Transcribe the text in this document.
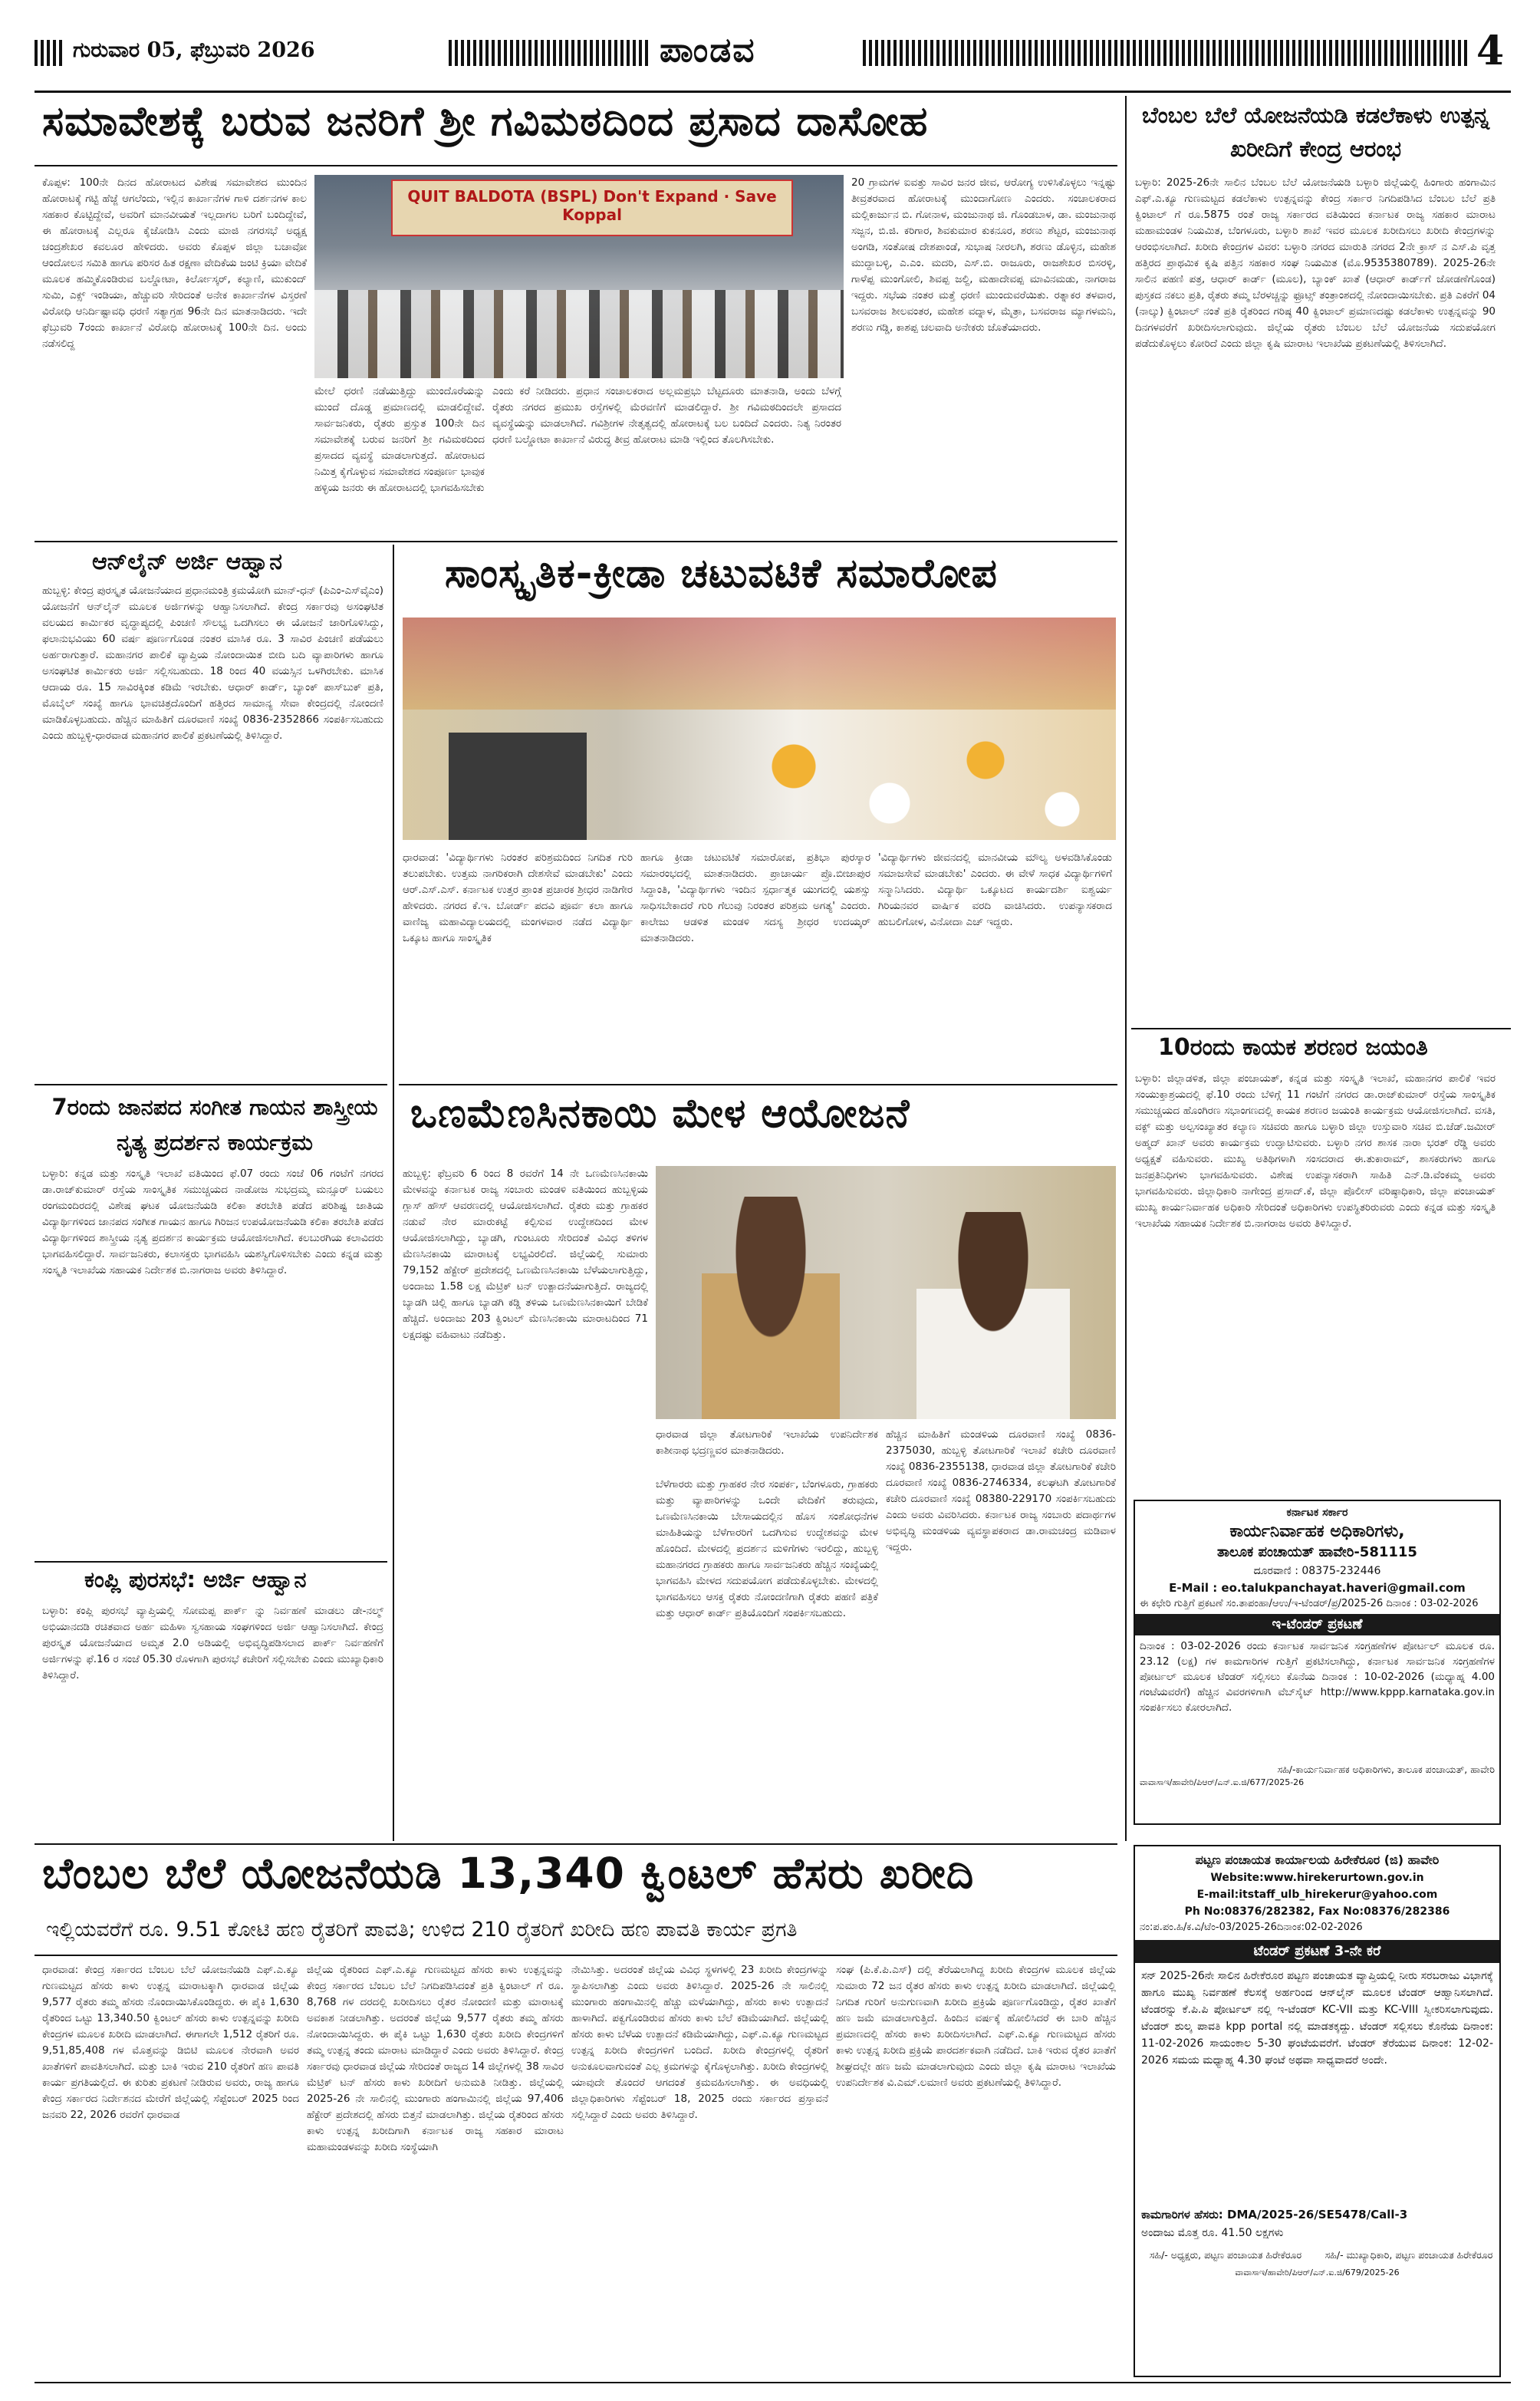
ಗುರುವಾರ 05, ಫೆಬ್ರುವರಿ 2026	ಪಾಂಡವ	4
ಸಮಾವೇಶಕ್ಕೆ ಬರುವ ಜನರಿಗೆ ಶ್ರೀ ಗವಿಮಠದಿಂದ ಪ್ರಸಾದ ದಾಸೋಹ
ಕೊಪ್ಪಳ: 100ನೇ ದಿನದ ಹೋರಾಟದ ವಿಶೇಷ ಸಮಾವೇಶದ ಮುಂದಿನ ಹೋರಾಟಕ್ಕೆ ಗಟ್ಟಿ ಹೆಜ್ಜೆ ಆಗಲೆಂದು, ಇಲ್ಲಿನ ಕಾರ್ಖಾನೆಗಳ ಗಾಳಿ ದರ್ಶನಗಳ ಕಾಲ ಸಹಕಾರ ಕೊಟ್ಟಿದ್ದೇವೆ, ಅವರಿಗೆ ಮಾನವೀಯತೆ ಇಲ್ಲದಾಗಲ ಬರಿಗೆ ಬಂದಿದ್ದೇವೆ, ಈ ಹೋರಾಟಕ್ಕೆ ಎಲ್ಲರೂ ಕೈಜೋಡಿಸಿ ಎಂದು ಮಾಜಿ ನಗರಸಭೆ ಅಧ್ಯಕ್ಷ ಚಂದ್ರಶೇಖರ ಕವಲೂರ ಹೇಳಿದರು. ಅವರು ಕೊಪ್ಪಳ ಜಿಲ್ಲಾ ಬಚಾವೋ ಆಂದೋಲನ ಸಮಿತಿ ಹಾಗೂ ಪರಿಸರ ಹಿತ ರಕ್ಷಣಾ ವೇದಿಕೆಯ ಜಂಟಿ ಕ್ರಿಯಾ ವೇದಿಕೆ ಮೂಲಕ ಹಮ್ಮಿಕೊಂಡಿರುವ ಬಲ್ಡೋಟಾ, ಕಿರ್ಲೋಸ್ಕರ್, ಕಲ್ಯಾಣಿ, ಮುಕುಂದ್ ಸುಮಿ, ಎಕ್ಸ್ ಇಂಡಿಯಾ, ಹೆಚ್ಚುವರಿ ಸೇರಿದಂತೆ ಅನೇಕ ಕಾರ್ಖಾನೆಗಳ ವಿಸ್ತರಣೆ ವಿರೋಧಿ ಆನಿರ್ದಿಷ್ಟಾವಧಿ ಧರಣಿ ಸತ್ಯಾಗ್ರಹ 96ನೇ ದಿನ ಮಾತನಾಡಿದರು. ಇದೇ ಫೆಬ್ರುವರಿ 7ರಂದು ಕಾರ್ಖಾನೆ ವಿರೋಧಿ ಹೋರಾಟಕ್ಕೆ 100ನೇ ದಿನ. ಅಂದು ನಡೆಸಲಿದ್ದ
QUIT BALDOTA (BSPL) Don't Expand · Save Koppal
ಮೇಲೆ ಧರಣಿ ನಡೆಯುತ್ತಿದ್ದು ಮುಂದೊರೆಯನ್ನು ಮುಂದೆ ದೊಡ್ಡ ಪ್ರಮಾಣದಲ್ಲಿ ಮಾಡಲಿದ್ದೇವೆ. ಸಾರ್ವಜನಿಕರು, ರೈತರು ಪ್ರಸ್ತುತ 100ನೇ ದಿನ ಸಮಾವೇಶಕ್ಕೆ ಬರುವ ಜನರಿಗೆ ಶ್ರೀ ಗವಿಮಠದಿಂದ ಪ್ರಸಾದದ ವ್ಯವಸ್ಥೆ ಮಾಡಲಾಗುತ್ತದೆ. ಹೋರಾಟದ ನಿಮಿತ್ತ ಕೈಗೊಳ್ಳುವ ಸಮಾವೇಶದ ಸಂಪೂರ್ಣ ಭಾವುಕ ಹಳ್ಳಿಯ ಜನರು ಈ ಹೋರಾಟದಲ್ಲಿ ಭಾಗವಹಿಸಬೇಕು
ಎಂದು ಕರೆ ನೀಡಿದರು. ಪ್ರಧಾನ ಸಂಚಾಲಕರಾದ ಅಲ್ಲಮಪ್ರಭು ಬೆಟ್ಟದೂರು ಮಾತನಾಡಿ, ಅಂದು ಬೆಳಗ್ಗೆ ರೈತರು ನಗರದ ಪ್ರಮುಖ ರಸ್ತೆಗಳಲ್ಲಿ ಮೆರವಣಿಗೆ ಮಾಡಲಿದ್ದಾರೆ. ಶ್ರೀ ಗವಿಮಠದಿಂದಲೇ ಪ್ರಸಾದದ ವ್ಯವಸ್ಥೆಯನ್ನು ಮಾಡಲಾಗಿದೆ. ಗವಿಶ್ರೀಗಳ ನೇತೃತ್ವದಲ್ಲಿ ಹೋರಾಟಕ್ಕೆ ಬಲ ಬಂದಿದೆ ಎಂದರು. ನಿತ್ಯ ನಿರಂತರ ಧರಣಿ ಬಲ್ಡೋಟಾ ಕಾರ್ಖಾನೆ ವಿರುದ್ಧ ತೀವ್ರ ಹೋರಾಟ ಮಾಡಿ ಇಲ್ಲಿಂದ ತೊಲಗಿಸಬೇಕು.
20 ಗ್ರಾಮಗಳ ಐವತ್ತು ಸಾವಿರ ಜನರ ಜೀವ, ಆರೋಗ್ಯ ಉಳಿಸಿಕೊಳ್ಳಲು ಇನ್ನಷ್ಟು ತೀವ್ರತರವಾದ ಹೋರಾಟಕ್ಕೆ ಮುಂದಾಗೋಣ ಎಂದರು. ಸಂಚಾಲಕರಾದ ಮಲ್ಲಿಕಾರ್ಜುನ ಬಿ. ಗೋನಾಳ, ಮಂಜುನಾಥ ಜಿ. ಗೊಂಡಬಾಳ, ಡಾ. ಮಂಜುನಾಥ ಸಜ್ಜನ, ಬಿ.ಜಿ. ಕರಿಗಾರ, ಶಿವಕುಮಾರ ಕುಕನೂರ, ಶರಣು ಶೆಟ್ಟರ, ಮಂಜುನಾಥ ಅಂಗಡಿ, ಸಂತೋಷ ದೇಶಪಾಂಡೆ, ಸುಭಾಷ ನೀರಲಗಿ, ಶರಣು ಡೊಳ್ಳಿನ, ಮಹೇಶ ಮುದ್ದಾಬಳ್ಳಿ, ಎ.ಎಂ. ಮದರಿ, ಎಸ್.ಬಿ. ರಾಜೂರು, ರಾಜಶೇಖರ ಬಿಸರಳ್ಳಿ, ಗಾಳೆಪ್ಪ ಮುಂಗೋಲಿ, ಶಿವಪ್ಪ ಜಲ್ದಿ, ಮಹಾದೇವಪ್ಪ ಮಾವಿನಮಡು, ನಾಗರಾಜ ಇದ್ದರು. ಸಭೆಯ ನಂತರ ಮತ್ತೆ ಧರಣಿ ಮುಂದುವರೆಯಿತು. ರತ್ನಾಕರ ತಳವಾರ, ಬಸವರಾಜ ಶೀಲವಂತರ, ಮಹೇಶ ವದ್ನಾಳ, ಮೈತ್ರಾ, ಬಸವರಾಜ ಮ್ಯಾಗಳಮನಿ, ಶರಣು ಗಡ್ಡಿ, ಕಾಶಪ್ಪ ಚಲವಾದಿ ಅನೇಕರು ಜೊತೆಯಾದರು.
ಆನ್‌ಲೈನ್ ಅರ್ಜಿ ಆಹ್ವಾನ
ಹುಬ್ಬಳ್ಳಿ: ಕೇಂದ್ರ ಪುರಸ್ಕೃತ ಯೋಜನೆಯಾದ ಪ್ರಧಾನಮಂತ್ರಿ ಕ್ರಮಯೋಗಿ ಮಾನ್-ಧನ್ (ಪಿಎಂ-ಎಸ್‌ವೈಎಂ) ಯೋಜನೆಗೆ ಆನ್‌ಲೈನ್ ಮೂಲಕ ಅರ್ಜಿಗಳನ್ನು ಆಹ್ವಾನಿಸಲಾಗಿದೆ. ಕೇಂದ್ರ ಸರ್ಕಾರವು ಅಸಂಘಟಿತ ವಲಯದ ಕಾರ್ಮಿಕರ ವೃದ್ಧಾಪ್ಯದಲ್ಲಿ ಪಿಂಚಣಿ ಸೌಲಭ್ಯ ಒದಗಿಸಲು ಈ ಯೋಜನೆ ಜಾರಿಗೊಳಿಸಿದ್ದು, ಫಲಾನುಭವಿಯು 60 ವರ್ಷ ಪೂರ್ಣಗೊಂಡ ನಂತರ ಮಾಸಿಕ ರೂ. 3 ಸಾವಿರ ಪಿಂಚಣಿ ಪಡೆಯಲು ಅರ್ಹರಾಗುತ್ತಾರೆ. ಮಹಾನಗರ ಪಾಲಿಕೆ ವ್ಯಾಪ್ತಿಯ ನೋಂದಾಯಿತ ಬೀದಿ ಬದಿ ವ್ಯಾಪಾರಿಗಳು ಹಾಗೂ ಅಸಂಘಟಿತ ಕಾರ್ಮಿಕರು ಅರ್ಜಿ ಸಲ್ಲಿಸಬಹುದು. 18 ರಿಂದ 40 ವಯಸ್ಸಿನ ಒಳಗಿರಬೇಕು. ಮಾಸಿಕ ಆದಾಯ ರೂ. 15 ಸಾವಿರಕ್ಕಿಂತ ಕಡಿಮೆ ಇರಬೇಕು. ಆಧಾರ್ ಕಾರ್ಡ್, ಬ್ಯಾಂಕ್ ಪಾಸ್‌ಬುಕ್ ಪ್ರತಿ, ಮೊಬೈಲ್ ಸಂಖ್ಯೆ ಹಾಗೂ ಭಾವಚಿತ್ರದೊಂದಿಗೆ ಹತ್ತಿರದ ಸಾಮಾನ್ಯ ಸೇವಾ ಕೇಂದ್ರದಲ್ಲಿ ನೋಂದಣಿ ಮಾಡಿಕೊಳ್ಳಬಹುದು. ಹೆಚ್ಚಿನ ಮಾಹಿತಿಗೆ ದೂರವಾಣಿ ಸಂಖ್ಯೆ 0836-2352866 ಸಂಪರ್ಕಿಸಬಹುದು ಎಂದು ಹುಬ್ಬಳ್ಳಿ-ಧಾರವಾಡ ಮಹಾನಗರ ಪಾಲಿಕೆ ಪ್ರಕಟಣೆಯಲ್ಲಿ ತಿಳಿಸಿದ್ದಾರೆ.
7ರಂದು ಜಾನಪದ ಸಂಗೀತ ಗಾಯನ ಶಾಸ್ತ್ರೀಯ ನೃತ್ಯ ಪ್ರದರ್ಶನ ಕಾರ್ಯಕ್ರಮ
ಬಳ್ಳಾರಿ: ಕನ್ನಡ ಮತ್ತು ಸಂಸ್ಕೃತಿ ಇಲಾಖೆ ವತಿಯಿಂದ ಫೆ.07 ರಂದು ಸಂಜೆ 06 ಗಂಟೆಗೆ ನಗರದ ಡಾ.ರಾಜ್‌ಕುಮಾರ್ ರಸ್ತೆಯ ಸಾಂಸ್ಕೃತಿಕ ಸಮುಚ್ಚಯದ ನಾಡೋಜ ಸುಭದ್ರಮ್ಮ ಮನ್ಸೂರ್ ಬಯಲು ರಂಗಮಂದಿರದಲ್ಲಿ ವಿಶೇಷ ಘಟಕ ಯೋಜನೆಯಡಿ ಕಲಿಕಾ ತರಬೇತಿ ಪಡೆದ ಪರಿಶಿಷ್ಟ ಜಾತಿಯ ವಿದ್ಯಾರ್ಥಿಗಳಿಂದ ಜಾನಪದ ಸಂಗೀತ ಗಾಯನ ಹಾಗೂ ಗಿರಿಜನ ಉಪಯೋಜನೆಯಡಿ ಕಲಿಕಾ ತರಬೇತಿ ಪಡೆದ ವಿದ್ಯಾರ್ಥಿಗಳಿಂದ ಶಾಸ್ತ್ರೀಯ ನೃತ್ಯ ಪ್ರದರ್ಶನ ಕಾರ್ಯಕ್ರಮ ಆಯೋಜಿಸಲಾಗಿದೆ. ಕಲಬುರಗಿಯ ಕಲಾವಿದರು ಭಾಗವಹಿಸಲಿದ್ದಾರೆ. ಸಾರ್ವಜನಿಕರು, ಕಲಾಸಕ್ತರು ಭಾಗವಹಿಸಿ ಯಶಸ್ವಿಗೊಳಿಸಬೇಕು ಎಂದು ಕನ್ನಡ ಮತ್ತು ಸಂಸ್ಕೃತಿ ಇಲಾಖೆಯ ಸಹಾಯಕ ನಿರ್ದೇಶಕ ಬಿ.ನಾಗರಾಜ ಅವರು ತಿಳಿಸಿದ್ದಾರೆ.
ಕಂಪ್ಲಿ ಪುರಸಭೆ: ಅರ್ಜಿ ಆಹ್ವಾನ
ಬಳ್ಳಾರಿ: ಕಂಪ್ಲಿ ಪುರಸಭೆ ವ್ಯಾಪ್ತಿಯಲ್ಲಿ ಸೋಮಪ್ಪ ಪಾರ್ಕ್ ನ್ನು ನಿರ್ವಹಣೆ ಮಾಡಲು ಡೇ-ನಲ್ಮ್ ಅಭಿಯಾನದಡಿ ರಚಿತವಾದ ಅರ್ಹ ಮಹಿಳಾ ಸ್ವಸಹಾಯ ಸಂಘಗಳಿಂದ ಅರ್ಜಿ ಆಹ್ವಾನಿಸಲಾಗಿದೆ. ಕೇಂದ್ರ ಪುರಸ್ಕೃತ ಯೋಜನೆಯಾದ ಅಮೃತ 2.0 ಅಡಿಯಲ್ಲಿ ಅಭಿವೃದ್ಧಿಪಡಿಸಲಾದ ಪಾರ್ಕ್ ನಿರ್ವಹಣೆಗೆ ಅರ್ಜಿಗಳನ್ನು ಫೆ.16 ರ ಸಂಜೆ 05.30 ರೊಳಗಾಗಿ ಪುರಸಭೆ ಕಚೇರಿಗೆ ಸಲ್ಲಿಸಬೇಕು ಎಂದು ಮುಖ್ಯಾಧಿಕಾರಿ ತಿಳಿಸಿದ್ದಾರೆ.
ಸಾಂಸ್ಕೃತಿಕ-ಕ್ರೀಡಾ ಚಟುವಟಿಕೆ ಸಮಾರೋಪ
ಧಾರವಾಡ: 'ವಿದ್ಯಾರ್ಥಿಗಳು ನಿರಂತರ ಪರಿಶ್ರಮದಿಂದ ನಿಗದಿತ ಗುರಿ ತಲುಪಬೇಕು. ಉತ್ತಮ ನಾಗರಿಕರಾಗಿ ದೇಶಸೇವೆ ಮಾಡಬೇಕು' ಎಂದು ಆರ್.ಎಸ್.ಎಸ್. ಕರ್ನಾಟಕ ಉತ್ತರ ಪ್ರಾಂತ ಪ್ರಚಾರಕ ಶ್ರೀಧರ ನಾಡಿಗೇರ ಹೇಳಿದರು. ನಗರದ ಕೆ.ಇ. ಬೋರ್ಡ್ ಪದವಿ ಪೂರ್ವ ಕಲಾ ಹಾಗೂ ವಾಣಿಜ್ಯ ಮಹಾವಿದ್ಯಾಲಯದಲ್ಲಿ ಮಂಗಳವಾರ ನಡೆದ ವಿದ್ಯಾರ್ಥಿ ಒಕ್ಕೂಟ ಹಾಗೂ ಸಾಂಸ್ಕೃತಿಕ
ಹಾಗೂ ಕ್ರೀಡಾ ಚಟುವಟಿಕೆ ಸಮಾರೋಪ, ಪ್ರತಿಭಾ ಪುರಸ್ಕಾರ ಸಮಾರಂಭದಲ್ಲಿ ಮಾತನಾಡಿದರು. ಪ್ರಾಚಾರ್ಯ ಪ್ರೊ.ಬೀಜಾಪುರ ಸಿದ್ದಾಂತಿ, 'ವಿದ್ಯಾರ್ಥಿಗಳು ಇಂದಿನ ಸ್ಪರ್ಧಾತ್ಮಕ ಯುಗದಲ್ಲಿ ಯಶಸ್ಸು ಸಾಧಿಸಬೇಕಾದರೆ ಗುರಿ ಗೆಲುವು ನಿರಂತರ ಪರಿಶ್ರಮ ಅಗತ್ಯ' ಎಂದರು. ಕಾಲೇಜು ಆಡಳಿತ ಮಂಡಳಿ ಸದಸ್ಯ ಶ್ರೀಧರ ಉದಯ್ಕರ್ ಮಾತನಾಡಿದರು.
'ವಿದ್ಯಾರ್ಥಿಗಳು ಜೀವನದಲ್ಲಿ ಮಾನವೀಯ ಮೌಲ್ಯ ಅಳವಡಿಸಿಕೊಂಡು ಸಮಾಜಸೇವೆ ಮಾಡಬೇಕು' ಎಂದರು. ಈ ವೇಳೆ ಸಾಧಕ ವಿದ್ಯಾರ್ಥಿಗಳಿಗೆ ಸನ್ಮಾನಿಸಿದರು. ವಿದ್ಯಾರ್ಥಿ ಒಕ್ಕೂಟದ ಕಾರ್ಯದರ್ಶಿ ಐಶ್ವರ್ಯ ಗಿರಿಯನವರ ವಾರ್ಷಿಕ ವರದಿ ವಾಚಿಸಿದರು. ಉಪನ್ಯಾಸಕರಾದ ಹುಬಲಿಗೋಳ, ವಿನೋದಾ ಎಚ್ ಇದ್ದರು.
ಒಣಮೆಣಸಿನಕಾಯಿ ಮೇಳ ಆಯೋಜನೆ
ಹುಬ್ಬಳ್ಳಿ: ಫೆಬ್ರವರಿ 6 ರಿಂದ 8 ರವರೆಗೆ 14 ನೇ ಒಣಮೆಣಸಿನಕಾಯಿ ಮೇಳವನ್ನು ಕರ್ನಾಟಕ ರಾಜ್ಯ ಸಂಬಾರು ಮಂಡಳಿ ವತಿಯಿಂದ ಹುಬ್ಬಳ್ಳಿಯ ಗ್ಲಾಸ್ ಹೌಸ್ ಆವರಣದಲ್ಲಿ ಆಯೋಜಿಸಲಾಗಿದೆ. ರೈತರು ಮತ್ತು ಗ್ರಾಹಕರ ನಡುವೆ ನೇರ ಮಾರುಕಟ್ಟೆ ಕಲ್ಪಿಸುವ ಉದ್ದೇಶದಿಂದ ಮೇಳ ಆಯೋಜಿಸಲಾಗಿದ್ದು, ಬ್ಯಾಡಗಿ, ಗುಂಟೂರು ಸೇರಿದಂತೆ ವಿವಿಧ ತಳಿಗಳ ಮೆಣಸಿನಕಾಯಿ ಮಾರಾಟಕ್ಕೆ ಲಭ್ಯವಿರಲಿದೆ. ಜಿಲ್ಲೆಯಲ್ಲಿ ಸುಮಾರು 79,152 ಹೆಕ್ಟೇರ್ ಪ್ರದೇಶದಲ್ಲಿ ಒಣಮೆಣಸಿನಕಾಯಿ ಬೆಳೆಯಲಾಗುತ್ತಿದ್ದು, ಅಂದಾಜು 1.58 ಲಕ್ಷ ಮೆಟ್ರಿಕ್ ಟನ್ ಉತ್ಪಾದನೆಯಾಗುತ್ತಿದೆ. ರಾಜ್ಯದಲ್ಲಿ ಬ್ಯಾಡಗಿ ಚಿಲ್ಲಿ ಹಾಗೂ ಬ್ಯಾಡಗಿ ಕಡ್ಡಿ ತಳಿಯ ಒಣಮೆಣಸಿನಕಾಯಿಗೆ ಬೇಡಿಕೆ ಹೆಚ್ಚಿದೆ. ಅಂದಾಜು 203 ಕ್ವಿಂಟಲ್ ಮೆಣಸಿನಕಾಯಿ ಮಾರಾಟದಿಂದ 71 ಲಕ್ಷದಷ್ಟು ವಹಿವಾಟು ನಡೆದಿತ್ತು.
ಧಾರವಾಡ ಜಿಲ್ಲಾ ತೋಟಗಾರಿಕೆ ಇಲಾಖೆಯ ಉಪನಿರ್ದೇಶಕ ಕಾಶೀನಾಥ ಭದ್ರಣ್ಣವರ ಮಾತನಾಡಿದರು.
ಬೆಳೆಗಾರರು ಮತ್ತು ಗ್ರಾಹಕರ ನೇರ ಸಂಪರ್ಕ, ಬೆಂಗಳೂರು, ಗ್ರಾಹಕರು ಮತ್ತು ವ್ಯಾಪಾರಿಗಳನ್ನು ಒಂದೇ ವೇದಿಕೆಗೆ ತರುವುದು, ಒಣಮೆಣಸಿನಕಾಯಿ ಬೇಸಾಯದಲ್ಲಿನ ಹೊಸ ಸಂಶೋಧನೆಗಳ ಮಾಹಿತಿಯನ್ನು ಬೆಳೆಗಾರರಿಗೆ ಒದಗಿಸುವ ಉದ್ದೇಶವನ್ನು ಮೇಳ ಹೊಂದಿದೆ. ಮೇಳದಲ್ಲಿ ಪ್ರದರ್ಶನ ಮಳಿಗೆಗಳು ಇರಲಿದ್ದು, ಹುಬ್ಬಳ್ಳಿ ಮಹಾನಗರದ ಗ್ರಾಹಕರು ಹಾಗೂ ಸಾರ್ವಜನಿಕರು ಹೆಚ್ಚಿನ ಸಂಖ್ಯೆಯಲ್ಲಿ ಭಾಗವಹಿಸಿ ಮೇಳದ ಸದುಪಯೋಗ ಪಡೆದುಕೊಳ್ಳಬೇಕು. ಮೇಳದಲ್ಲಿ ಭಾಗವಹಿಸಲು ಆಸಕ್ತ ರೈತರು ನೋಂದಣಿಗಾಗಿ ರೈತರು ಪಹಣಿ ಪತ್ರಿಕೆ ಮತ್ತು ಆಧಾರ್ ಕಾರ್ಡ್ ಪ್ರತಿಯೊಂದಿಗೆ ಸಂಪರ್ಕಿಸಬಹುದು.
ಹೆಚ್ಚಿನ ಮಾಹಿತಿಗೆ ಮಂಡಳಿಯ ದೂರವಾಣಿ ಸಂಖ್ಯೆ 0836-2375030, ಹುಬ್ಬಳ್ಳಿ ತೋಟಗಾರಿಕೆ ಇಲಾಖೆ ಕಚೇರಿ ದೂರವಾಣಿ ಸಂಖ್ಯೆ 0836-2355138, ಧಾರವಾಡ ಜಿಲ್ಲಾ ತೋಟಗಾರಿಕೆ ಕಚೇರಿ ದೂರವಾಣಿ ಸಂಖ್ಯೆ 0836-2746334, ಕಲಘಟಗಿ ತೋಟಗಾರಿಕೆ ಕಚೇರಿ ದೂರವಾಣಿ ಸಂಖ್ಯೆ 08380-229170 ಸಂಪರ್ಕಿಸಬಹುದು ಎಂದು ಅವರು ವಿವರಿಸಿದರು. ಕರ್ನಾಟಕ ರಾಜ್ಯ ಸಂಬಾರು ಪದಾರ್ಥಗಳ ಅಭಿವೃದ್ಧಿ ಮಂಡಳಿಯ ವ್ಯವಸ್ಥಾಪಕರಾದ ಡಾ.ರಾಮಚಂದ್ರ ಮಡಿವಾಳ ಇದ್ದರು.
ಬೆಂಬಲ ಬೆಲೆ ಯೋಜನೆಯಡಿ ಕಡಲೆಕಾಳು ಉತ್ಪನ್ನ ಖರೀದಿಗೆ ಕೇಂದ್ರ ಆರಂಭ
ಬಳ್ಳಾರಿ: 2025-26ನೇ ಸಾಲಿನ ಬೆಂಬಲ ಬೆಲೆ ಯೋಜನೆಯಡಿ ಬಳ್ಳಾರಿ ಜಿಲ್ಲೆಯಲ್ಲಿ ಹಿಂಗಾರು ಹಂಗಾಮಿನ ಎಫ್.ಎ.ಕ್ಯೂ ಗುಣಮಟ್ಟದ ಕಡಲೆಕಾಳು ಉತ್ಪನ್ನವನ್ನು ಕೇಂದ್ರ ಸರ್ಕಾರ ನಿಗದಿಪಡಿಸಿದ ಬೆಂಬಲ ಬೆಲೆ ಪ್ರತಿ ಕ್ವಿಂಟಾಲ್ ಗೆ ರೂ.5875 ರಂತೆ ರಾಜ್ಯ ಸರ್ಕಾರದ ವತಿಯಿಂದ ಕರ್ನಾಟಕ ರಾಜ್ಯ ಸಹಕಾರ ಮಾರಾಟ ಮಹಾಮಂಡಳ ನಿಯಮಿತ, ಬೆಂಗಳೂರು, ಬಳ್ಳಾರಿ ಶಾಖೆ ಇವರ ಮೂಲಕ ಖರೀದಿಸಲು ಖರೀದಿ ಕೇಂದ್ರಗಳನ್ನು ಆರಂಭಿಸಲಾಗಿದೆ. ಖರೀದಿ ಕೇಂದ್ರಗಳ ವಿವರ: ಬಳ್ಳಾರಿ ನಗರದ ಮಾರುತಿ ನಗರದ 2ನೇ ಕ್ರಾಸ್ ನ ಎಸ್.ಪಿ ವೃತ್ತ ಹತ್ತಿರದ ಪ್ರಾಥಮಿಕ ಕೃಷಿ ಪತ್ತಿನ ಸಹಕಾರ ಸಂಘ ನಿಯಮಿತ (ಮೊ.9535380789). 2025-26ನೇ ಸಾಲಿನ ಪಹಣಿ ಪತ್ರ, ಆಧಾರ್ ಕಾರ್ಡ್ (ಮೂಲ), ಬ್ಯಾಂಕ್ ಖಾತೆ (ಆಧಾರ್ ಕಾರ್ಡ್‌ಗೆ ಜೋಡಣೆಗೊಂಡ) ಪುಸ್ತಕದ ನಕಲು ಪ್ರತಿ, ರೈತರು ತಮ್ಮ ಬೆರಳಚ್ಚನ್ನು ಫ್ರೂಟ್ಸ್ ತಂತ್ರಾಂಶದಲ್ಲಿ ನೋಂದಾಯಿಸಬೇಕು. ಪ್ರತಿ ಎಕರೆಗೆ 04 (ನಾಲ್ಕು) ಕ್ವಿಂಟಾಲ್ ನಂತೆ ಪ್ರತಿ ರೈತರಿಂದ ಗರಿಷ್ಠ 40 ಕ್ವಿಂಟಾಲ್ ಪ್ರಮಾಣದಷ್ಟು ಕಡಲೆಕಾಳು ಉತ್ಪನ್ನವನ್ನು 90 ದಿನಗಳವರೆಗೆ ಖರೀದಿಸಲಾಗುವುದು. ಜಿಲ್ಲೆಯ ರೈತರು ಬೆಂಬಲ ಬೆಲೆ ಯೋಜನೆಯ ಸದುಪಯೋಗ ಪಡೆದುಕೊಳ್ಳಲು ಕೋರಿದೆ ಎಂದು ಜಿಲ್ಲಾ ಕೃಷಿ ಮಾರಾಟ ಇಲಾಖೆಯ ಪ್ರಕಟಣೆಯಲ್ಲಿ ತಿಳಿಸಲಾಗಿದೆ.
10ರಂದು ಕಾಯಕ ಶರಣರ ಜಯಂತಿ
ಬಳ್ಳಾರಿ: ಜಿಲ್ಲಾಡಳಿತ, ಜಿಲ್ಲಾ ಪಂಚಾಯತ್, ಕನ್ನಡ ಮತ್ತು ಸಂಸ್ಕೃತಿ ಇಲಾಖೆ, ಮಹಾನಗರ ಪಾಲಿಕೆ ಇವರ ಸಂಯುಕ್ತಾಶ್ರಯದಲ್ಲಿ ಫೆ.10 ರಂದು ಬೆಳಿಗ್ಗೆ 11 ಗಂಟೆಗೆ ನಗರದ ಡಾ.ರಾಜ್‌ಕುಮಾರ್ ರಸ್ತೆಯ ಸಾಂಸ್ಕೃತಿಕ ಸಮುಚ್ಚಯದ ಹೊಂಗಿರಣ ಸಭಾಂಗಣದಲ್ಲಿ ಕಾಯಕ ಶರಣರ ಜಯಂತಿ ಕಾರ್ಯಕ್ರಮ ಆಯೋಜಿಸಲಾಗಿದೆ. ವಸತಿ, ವಕ್ಫ್ ಮತ್ತು ಅಲ್ಪಸಂಖ್ಯಾತರ ಕಲ್ಯಾಣ ಸಚಿವರು ಹಾಗೂ ಬಳ್ಳಾರಿ ಜಿಲ್ಲಾ ಉಸ್ತುವಾರಿ ಸಚಿವ ಬಿ.ಜೆಡ್.ಜಮೀರ್ ಅಹ್ಮದ್ ಖಾನ್ ಅವರು ಕಾರ್ಯಕ್ರಮ ಉದ್ಘಾಟಿಸುವರು. ಬಳ್ಳಾರಿ ನಗರ ಶಾಸಕ ನಾರಾ ಭರತ್ ರೆಡ್ಡಿ ಅವರು ಅಧ್ಯಕ್ಷತೆ ವಹಿಸುವರು. ಮುಖ್ಯ ಅತಿಥಿಗಳಾಗಿ ಸಂಸದರಾದ ಈ.ತುಕಾರಾಮ್, ಶಾಸಕರುಗಳು ಹಾಗೂ ಜನಪ್ರತಿನಿಧಿಗಳು ಭಾಗವಹಿಸುವರು. ವಿಶೇಷ ಉಪನ್ಯಾಸಕರಾಗಿ ಸಾಹಿತಿ ಎನ್.ಡಿ.ವೆಂಕಮ್ಮ ಅವರು ಭಾಗವಹಿಸುವರು. ಜಿಲ್ಲಾಧಿಕಾರಿ ನಾಗೇಂದ್ರ ಪ್ರಸಾದ್.ಕೆ, ಜಿಲ್ಲಾ ಪೊಲೀಸ್ ವರಿಷ್ಠಾಧಿಕಾರಿ, ಜಿಲ್ಲಾ ಪಂಚಾಯತ್ ಮುಖ್ಯ ಕಾರ್ಯನಿರ್ವಾಹಕ ಅಧಿಕಾರಿ ಸೇರಿದಂತೆ ಅಧಿಕಾರಿಗಳು ಉಪಸ್ಥಿತರಿರುವರು ಎಂದು ಕನ್ನಡ ಮತ್ತು ಸಂಸ್ಕೃತಿ ಇಲಾಖೆಯ ಸಹಾಯಕ ನಿರ್ದೇಶಕ ಬಿ.ನಾಗರಾಜ ಅವರು ತಿಳಿಸಿದ್ದಾರೆ.
ಕರ್ನಾಟಕ ಸರ್ಕಾರ
ಕಾರ್ಯನಿರ್ವಾಹಕ ಅಧಿಕಾರಿಗಳು,
ತಾಲೂಕ ಪಂಚಾಯತ್ ಹಾವೇರಿ-581115
ದೂರವಾಣಿ : 08375-232446
E-Mail : eo.talukpanchayat.haveri@gmail.com
ಈ ಕಛೇರಿ ಗುತ್ತಿಗೆ ಪ್ರಕಟಣೆ ಸಂ.ತಾಪಂಹಾ/ಆಉ/ಇ-ಟೆಂಡರ್/ಪ್ರ/2025-26 ದಿನಾಂಕ : 03-02-2026
ಇ-ಟೆಂಡರ್ ಪ್ರಕಟಣೆ
ದಿನಾಂಕ : 03-02-2026 ರಂದು ಕರ್ನಾಟಕ ಸಾರ್ವಜನಿಕ ಸಂಗ್ರಹಣೆಗಳ ಪೋರ್ಟಲ್ ಮೂಲಕ ರೂ. 23.12 (ಲಕ್ಷ) ಗಳ ಕಾಮಗಾರಿಗಳ ಗುತ್ತಿಗೆ ಪ್ರಕಟಿಸಲಾಗಿದ್ದು, ಕರ್ನಾಟಕ ಸಾರ್ವಜನಿಕ ಸಂಗ್ರಹಣೆಗಳ ಪೋರ್ಟಲ್ ಮೂಲಕ ಟೆಂಡರ್ ಸಲ್ಲಿಸಲು ಕೊನೆಯ ದಿನಾಂಕ : 10-02-2026 (ಮಧ್ಯಾಹ್ನ 4.00 ಗಂಟೆಯವರೆಗೆ) ಹೆಚ್ಚಿನ ವಿವರಗಳಿಗಾಗಿ ವೆಬ್‌ಸೈಟ್ http://www.kppp.karnataka.gov.in ಸಂಪರ್ಕಿಸಲು ಕೋರಲಾಗಿದೆ.
ಸಹಿ/-ಕಾರ್ಯನಿರ್ವಾಹಕ ಅಧಿಕಾರಿಗಳು, ತಾಲೂಕ ಪಂಚಾಯತ್, ಹಾವೇರಿ
ವಾವಾಸಾಇ/ಹಾವೇರಿ/ಪಿಆರ್/ಎನ್.ಐ.ಜಿ/677/2025-26
ಬೆಂಬಲ ಬೆಲೆ ಯೋಜನೆಯಡಿ 13,340 ಕ್ವಿಂಟಲ್ ಹೆಸರು ಖರೀದಿ
ಇಲ್ಲಿಯವರೆಗೆ ರೂ. 9.51 ಕೋಟಿ ಹಣ ರೈತರಿಗೆ ಪಾವತಿ; ಉಳಿದ 210 ರೈತರಿಗೆ ಖರೀದಿ ಹಣ ಪಾವತಿ ಕಾರ್ಯ ಪ್ರಗತಿ
ಧಾರವಾಡ: ಕೇಂದ್ರ ಸರ್ಕಾರದ ಬೆಂಬಲ ಬೆಲೆ ಯೋಜನೆಯಡಿ ಎಫ್.ಎ.ಕ್ಯೂ ಗುಣಮಟ್ಟದ ಹೆಸರು ಕಾಳು ಉತ್ಪನ್ನ ಮಾರಾಟಕ್ಕಾಗಿ ಧಾರವಾಡ ಜಿಲ್ಲೆಯ 9,577 ರೈತರು ತಮ್ಮ ಹೆಸರು ನೊಂದಾಯಿಸಿಕೊಂಡಿದ್ದರು. ಈ ಪೈಕಿ 1,630 ರೈತರಿಂದ ಒಟ್ಟು 13,340.50 ಕ್ವಿಂಟಲ್ ಹೆಸರು ಕಾಳು ಉತ್ಪನ್ನವನ್ನು ಖರೀದಿ ಕೇಂದ್ರಗಳ ಮೂಲಕ ಖರೀದಿ ಮಾಡಲಾಗಿದೆ. ಈಗಾಗಲೇ 1,512 ರೈತರಿಗೆ ರೂ. 9,51,85,408 ಗಳ ಮೊತ್ತವನ್ನು ಡಿಬಿಟಿ ಮೂಲಕ ನೇರವಾಗಿ ಅವರ ಖಾತೆಗಳಿಗೆ ಪಾವತಿಸಲಾಗಿದೆ. ಮತ್ತು ಬಾಕಿ ಇರುವ 210 ರೈತರಿಗೆ ಹಣ ಪಾವತಿ ಕಾರ್ಯ ಪ್ರಗತಿಯಲ್ಲಿದೆ. ಈ ಕುರಿತು ಪ್ರಕಟಣೆ ನೀಡಿರುವ ಅವರು, ರಾಜ್ಯ ಹಾಗೂ ಕೇಂದ್ರ ಸರ್ಕಾರದ ನಿರ್ದೇಶನದ ಮೇರೆಗೆ ಜಿಲ್ಲೆಯಲ್ಲಿ ಸೆಪ್ಟೆಂಬರ್ 2025 ರಿಂದ ಜನವರಿ 22, 2026 ರವರೆಗೆ ಧಾರವಾಡ
ಜಿಲ್ಲೆಯ ರೈತರಿಂದ ಎಫ್.ಎ.ಕ್ಯೂ ಗುಣಮಟ್ಟದ ಹೆಸರು ಕಾಳು ಉತ್ಪನ್ನವನ್ನು ಕೇಂದ್ರ ಸರ್ಕಾರದ ಬೆಂಬಲ ಬೆಲೆ ನಿಗದಿಪಡಿಸಿದಂತೆ ಪ್ರತಿ ಕ್ವಿಂಟಾಲ್ ಗೆ ರೂ. 8,768 ಗಳ ದರದಲ್ಲಿ ಖರೀದಿಸಲು ರೈತರ ನೋಂದಣಿ ಮತ್ತು ಮಾರಾಟಕ್ಕೆ ಅವಕಾಶ ನೀಡಲಾಗಿತ್ತು. ಅದರಂತೆ ಜಿಲ್ಲೆಯ 9,577 ರೈತರು ತಮ್ಮ ಹೆಸರು ನೋಂದಾಯಿಸಿದ್ದರು. ಈ ಪೈಕಿ ಒಟ್ಟು 1,630 ರೈತರು ಖರೀದಿ ಕೇಂದ್ರಗಳಿಗೆ ತಮ್ಮ ಉತ್ಪನ್ನ ತಂದು ಮಾರಾಟ ಮಾಡಿದ್ದಾರೆ ಎಂದು ಅವರು ತಿಳಿಸಿದ್ದಾರೆ. ಕೇಂದ್ರ ಸರ್ಕಾರವು ಧಾರವಾಡ ಜಿಲ್ಲೆಯ ಸೇರಿದಂತೆ ರಾಜ್ಯದ 14 ಜಿಲ್ಲೆಗಳಲ್ಲಿ 38 ಸಾವಿರ ಮೆಟ್ರಿಕ್ ಟನ್ ಹೆಸರು ಕಾಳು ಖರೀದಿಗೆ ಅನುಮತಿ ನೀಡಿತ್ತು. ಜಿಲ್ಲೆಯಲ್ಲಿ 2025-26 ನೇ ಸಾಲಿನಲ್ಲಿ ಮುಂಗಾರು ಹಂಗಾಮಿನಲ್ಲಿ ಜಿಲ್ಲೆಯ 97,406 ಹೆಕ್ಟೇರ್ ಪ್ರದೇಶದಲ್ಲಿ ಹೆಸರು ಬಿತ್ತನೆ ಮಾಡಲಾಗಿತ್ತು. ಜಿಲ್ಲೆಯ ರೈತರಿಂದ ಹೆಸರು ಕಾಳು ಉತ್ಪನ್ನ ಖರೀದಿಗಾಗಿ ಕರ್ನಾಟಕ ರಾಜ್ಯ ಸಹಕಾರ ಮಾರಾಟ ಮಹಾಮಂಡಳವನ್ನು ಖರೀದಿ ಸಂಸ್ಥೆಯಾಗಿ
ನೇಮಿಸಿತ್ತು. ಅದರಂತೆ ಜಿಲ್ಲೆಯ ವಿವಿಧ ಸ್ಥಳಗಳಲ್ಲಿ 23 ಖರೀದಿ ಕೇಂದ್ರಗಳನ್ನು ಸ್ಥಾಪಿಸಲಾಗಿತ್ತು ಎಂದು ಅವರು ತಿಳಿಸಿದ್ದಾರೆ. 2025-26 ನೇ ಸಾಲಿನಲ್ಲಿ ಮುಂಗಾರು ಹಂಗಾಮಿನಲ್ಲಿ ಹೆಚ್ಚು ಮಳೆಯಾಗಿದ್ದು, ಹೆಸರು ಕಾಳು ಉತ್ಪಾದನೆ ಹಾಳಾಗಿದೆ. ಪಕ್ವಗೊಂಡಿರುವ ಹೆಸರು ಕಾಳು ಬೆಲೆ ಕಡಿಮೆಯಾಗಿದೆ. ಜಿಲ್ಲೆಯಲ್ಲಿ ಹೆಸರು ಕಾಳು ಬೆಳೆಯ ಉತ್ಪಾದನೆ ಕಡಿಮೆಯಾಗಿದ್ದು, ಎಫ್.ಎ.ಕ್ಯೂ ಗುಣಮಟ್ಟದ ಉತ್ಪನ್ನ ಖರೀದಿ ಕೇಂದ್ರಗಳಿಗೆ ಬಂದಿದೆ. ಖರೀದಿ ಕೇಂದ್ರಗಳಲ್ಲಿ ರೈತರಿಗೆ ಅನುಕೂಲವಾಗುವಂತೆ ಎಲ್ಲ ಕ್ರಮಗಳನ್ನು ಕೈಗೊಳ್ಳಲಾಗಿತ್ತು. ಖರೀದಿ ಕೇಂದ್ರಗಳಲ್ಲಿ ಯಾವುದೇ ತೊಂದರೆ ಆಗದಂತೆ ಕ್ರಮವಹಿಸಲಾಗಿತ್ತು. ಈ ಅವಧಿಯಲ್ಲಿ ಜಿಲ್ಲಾಧಿಕಾರಿಗಳು ಸೆಪ್ಟೆಂಬರ್ 18, 2025 ರಂದು ಸರ್ಕಾರದ ಪ್ರಸ್ತಾವನೆ ಸಲ್ಲಿಸಿದ್ದಾರೆ ಎಂದು ಅವರು ತಿಳಿಸಿದ್ದಾರೆ.
ಸಂಘ (ಪಿ.ಕೆ.ಪಿ.ಎಸ್) ದಲ್ಲಿ ತೆರೆಯಲಾಗಿದ್ದ ಖರೀದಿ ಕೇಂದ್ರಗಳ ಮೂಲಕ ಜಿಲ್ಲೆಯ ಸುಮಾರು 72 ಜನ ರೈತರ ಹೆಸರು ಕಾಳು ಉತ್ಪನ್ನ ಖರೀದಿ ಮಾಡಲಾಗಿದೆ. ಜಿಲ್ಲೆಯಲ್ಲಿ ನಿಗದಿತ ಗುರಿಗೆ ಅನುಗುಣವಾಗಿ ಖರೀದಿ ಪ್ರಕ್ರಿಯೆ ಪೂರ್ಣಗೊಂಡಿದ್ದು, ರೈತರ ಖಾತೆಗೆ ಹಣ ಜಮೆ ಮಾಡಲಾಗುತ್ತಿದೆ. ಹಿಂದಿನ ವರ್ಷಕ್ಕೆ ಹೋಲಿಸಿದರೆ ಈ ಬಾರಿ ಹೆಚ್ಚಿನ ಪ್ರಮಾಣದಲ್ಲಿ ಹೆಸರು ಕಾಳು ಖರೀದಿಸಲಾಗಿದೆ. ಎಫ್.ಎ.ಕ್ಯೂ ಗುಣಮಟ್ಟದ ಹೆಸರು ಕಾಳು ಉತ್ಪನ್ನ ಖರೀದಿ ಪ್ರಕ್ರಿಯೆ ಪಾರದರ್ಶಕವಾಗಿ ನಡೆದಿದೆ. ಬಾಕಿ ಇರುವ ರೈತರ ಖಾತೆಗೆ ಶೀಘ್ರದಲ್ಲೇ ಹಣ ಜಮೆ ಮಾಡಲಾಗುವುದು ಎಂದು ಜಿಲ್ಲಾ ಕೃಷಿ ಮಾರಾಟ ಇಲಾಖೆಯ ಉಪನಿರ್ದೇಶಕ ವಿ.ಎಮ್.ಲಮಾಣಿ ಅವರು ಪ್ರಕಟಣೆಯಲ್ಲಿ ತಿಳಿಸಿದ್ದಾರೆ.
ಪಟ್ಟಣ ಪಂಚಾಯತ ಕಾರ್ಯಾಲಯ ಹಿರೇಕೆರೂರ (ಜಿ) ಹಾವೇರಿ
Website:www.hirekerurtown.gov.in
E-mail:itstaff_ulb_hirekerur@yahoo.com
Ph No:08376/282382, Fax No:08376/282386
ನಂ:ಪ.ಪಂ.ಹಿ/ಕ.ವಿ/ಟೆಂ-03/2025-26ದಿನಾಂಕ:02-02-2026
ಟೆಂಡರ್ ಪ್ರಕಟಣೆ 3-ನೇ ಕರೆ
ಸನ್ 2025-26ನೇ ಸಾಲಿನ ಹಿರೇಕೆರೂರ ಪಟ್ಟಣ ಪಂಚಾಯತ ವ್ಯಾಪ್ತಿಯಲ್ಲಿ ನೀರು ಸರಬರಾಜು ವಿಭಾಗಕ್ಕೆ ಹಾಗೂ ಮುಖ್ಯ ನಿರ್ವಹಣೆ ಕೆಲಸಕ್ಕೆ ಅರ್ಹರಿಂದ ಆನ್‌ಲೈನ್ ಮೂಲಕ ಟೆಂಡರ್ ಆಹ್ವಾನಿಸಲಾಗಿದೆ. ಟೆಂಡರನ್ನು ಕೆ.ಪಿ.ಪಿ ಪೋರ್ಟಲ್ ನಲ್ಲಿ ಇ-ಟೆಂಡರ್ KC-VII ಮತ್ತು KC-VIII ಸ್ವೀಕರಿಸಲಾಗುವುದು. ಟೆಂಡರ್ ಶುಲ್ಕ ಪಾವತಿ kpp portal ನಲ್ಲಿ ಮಾಡತಕ್ಕದ್ದು. ಟೆಂಡರ್ ಸಲ್ಲಿಸಲು ಕೊನೆಯ ದಿನಾಂಕ: 11-02-2026 ಸಾಯಂಕಾಲ 5-30 ಘಂಟೆಯವರೆಗೆ. ಟೆಂಡರ್ ತೆರೆಯುವ ದಿನಾಂಕ: 12-02-2026 ಸಮಯ ಮಧ್ಯಾಹ್ನ 4.30 ಘಂಟೆ ಅಥವಾ ಸಾಧ್ಯವಾದರೆ ಅಂದೇ.
ಕಾಮಗಾರಿಗಳ ಹೆಸರು: DMA/2025-26/SE5478/Call-3
ಅಂದಾಜು ಮೊತ್ತ ರೂ. 41.50 ಲಕ್ಷಗಳು
ಸಹಿ/- ಅಧ್ಯಕ್ಷರು, ಪಟ್ಟಣ ಪಂಚಾಯತ ಹಿರೇಕೆರೂರ	ಸಹಿ/- ಮುಖ್ಯಾಧಿಕಾರಿ, ಪಟ್ಟಣ ಪಂಚಾಯತ ಹಿರೇಕೆರೂರ
ವಾವಾಸಾಇ/ಹಾವೇರಿ/ಪಿಆರ್/ಎನ್.ಐ.ಜಿ/679/2025-26
